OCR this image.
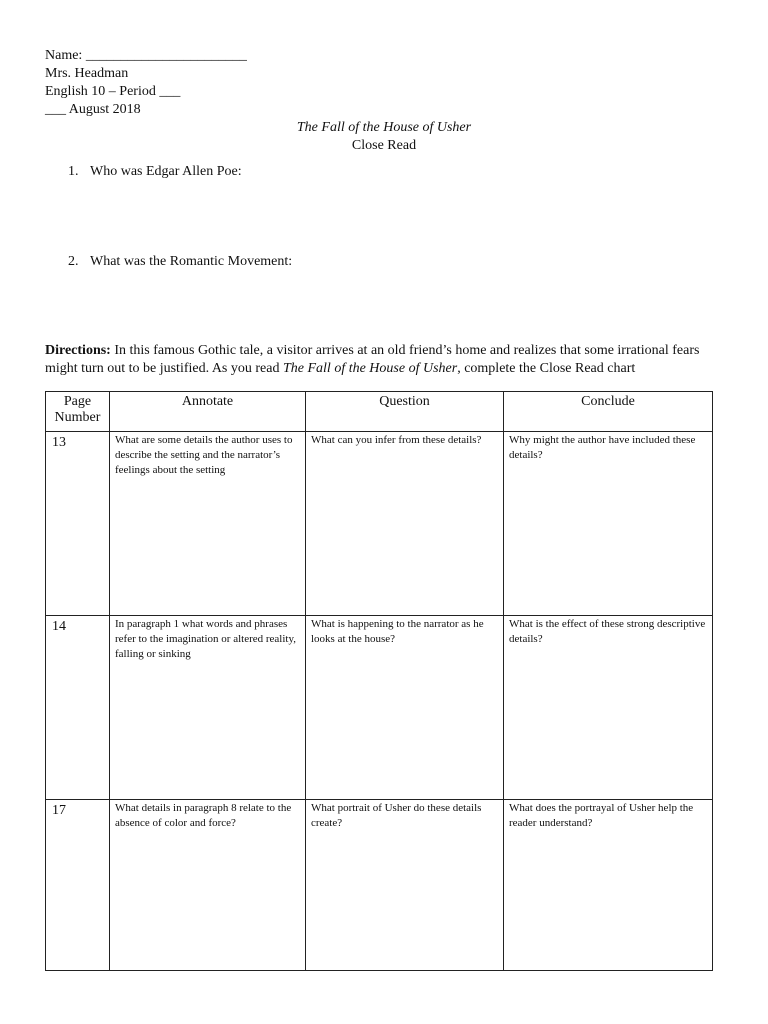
Name: _______________________
Mrs. Headman
English 10 – Period ___
___ August 2018
The Fall of the House of Usher
Close Read
1. Who was Edgar Allen Poe:
2. What was the Romantic Movement:
Directions: In this famous Gothic tale, a visitor arrives at an old friend’s home and realizes that some irrational fears might turn out to be justified. As you read The Fall of the House of Usher, complete the Close Read chart
Page Number	Annotate	Question	Conclude
13	What are some details the author uses to describe the setting and the narrator’s feelings about the setting	What can you infer from these details?	Why might the author have included these details?
14	In paragraph 1 what words and phrases refer to the imagination or altered reality, falling or sinking	What is happening to the narrator as he looks at the house?	What is the effect of these strong descriptive details?
17	What details in paragraph 8 relate to the absence of color and force?	What portrait of Usher do these details create?	What does the portrayal of Usher help the reader understand?
